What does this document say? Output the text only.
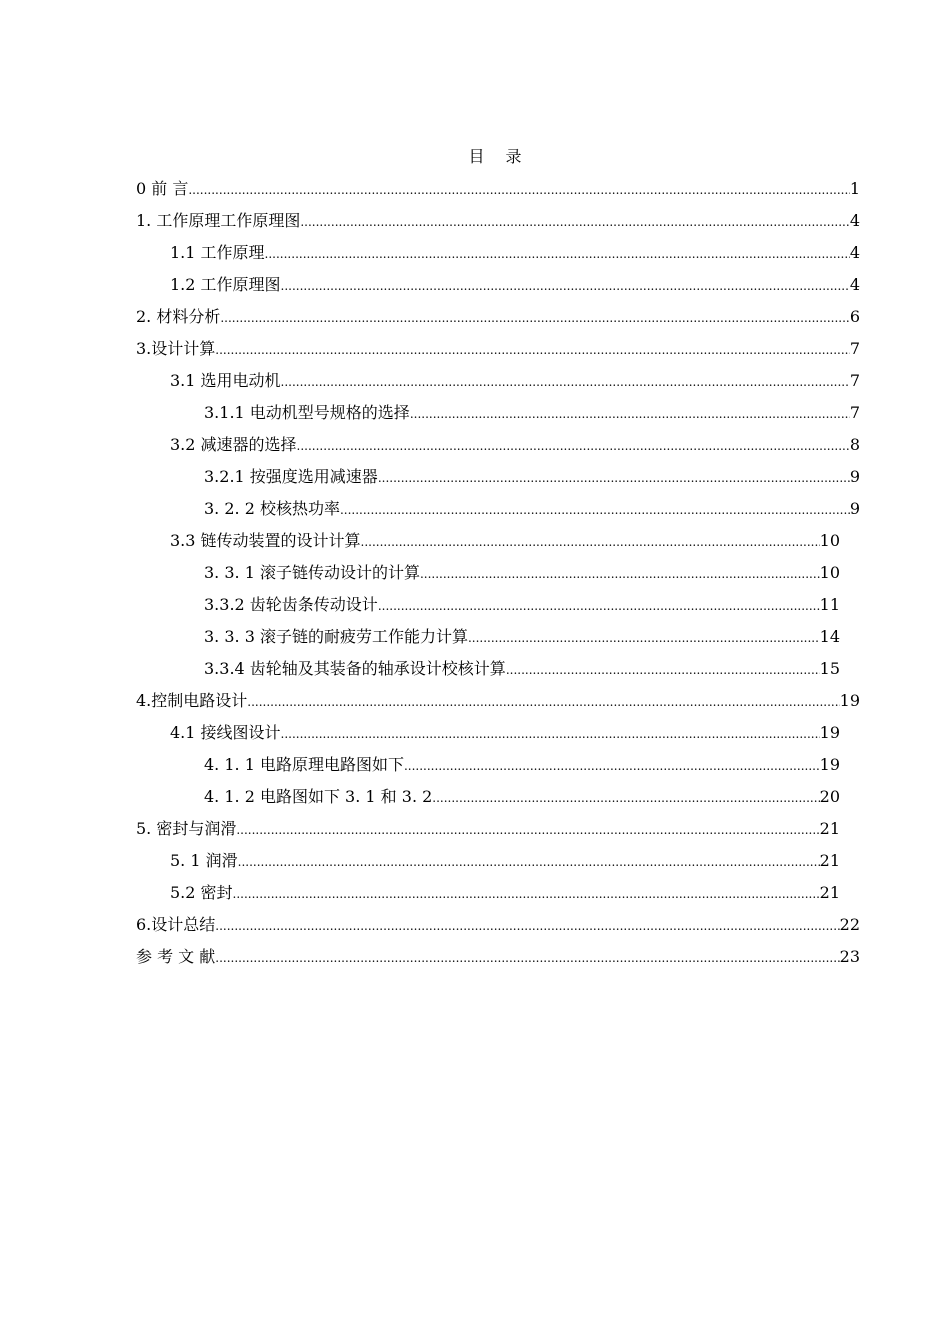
目 录
0 前 言 .....	1
1. 工作原理工作原理图 .....	4
1.1 工作原理 .....	4
1.2 工作原理图 .....	4
2. 材料分析 .....	6
3.设计计算 .....	7
3.1 选用电动机 .....	7
3.1.1 电动机型号规格的选择 .....	7
3.2 减速器的选择 .....	8
3.2.1 按强度选用减速器 .....	9
3. 2. 2 校核热功率 .....	9
3.3 链传动装置的设计计算 .....	10
3. 3. 1 滚子链传动设计的计算 .....	10
3.3.2 齿轮齿条传动设计 .....	11
3. 3. 3 滚子链的耐疲劳工作能力计算 .....	14
3.3.4 齿轮轴及其装备的轴承设计校核计算 .....	15
4.控制电路设计 .....	19
4.1 接线图设计 .....	19
4. 1. 1 电路原理电路图如下 .....	19
4. 1. 2 电路图如下 3. 1 和 3. 2 .....	20
5. 密封与润滑 .....	21
5. 1 润滑 .....	21
5.2 密封 .....	21
6.设计总结 .....	22
参 考 文 献 .....	23
